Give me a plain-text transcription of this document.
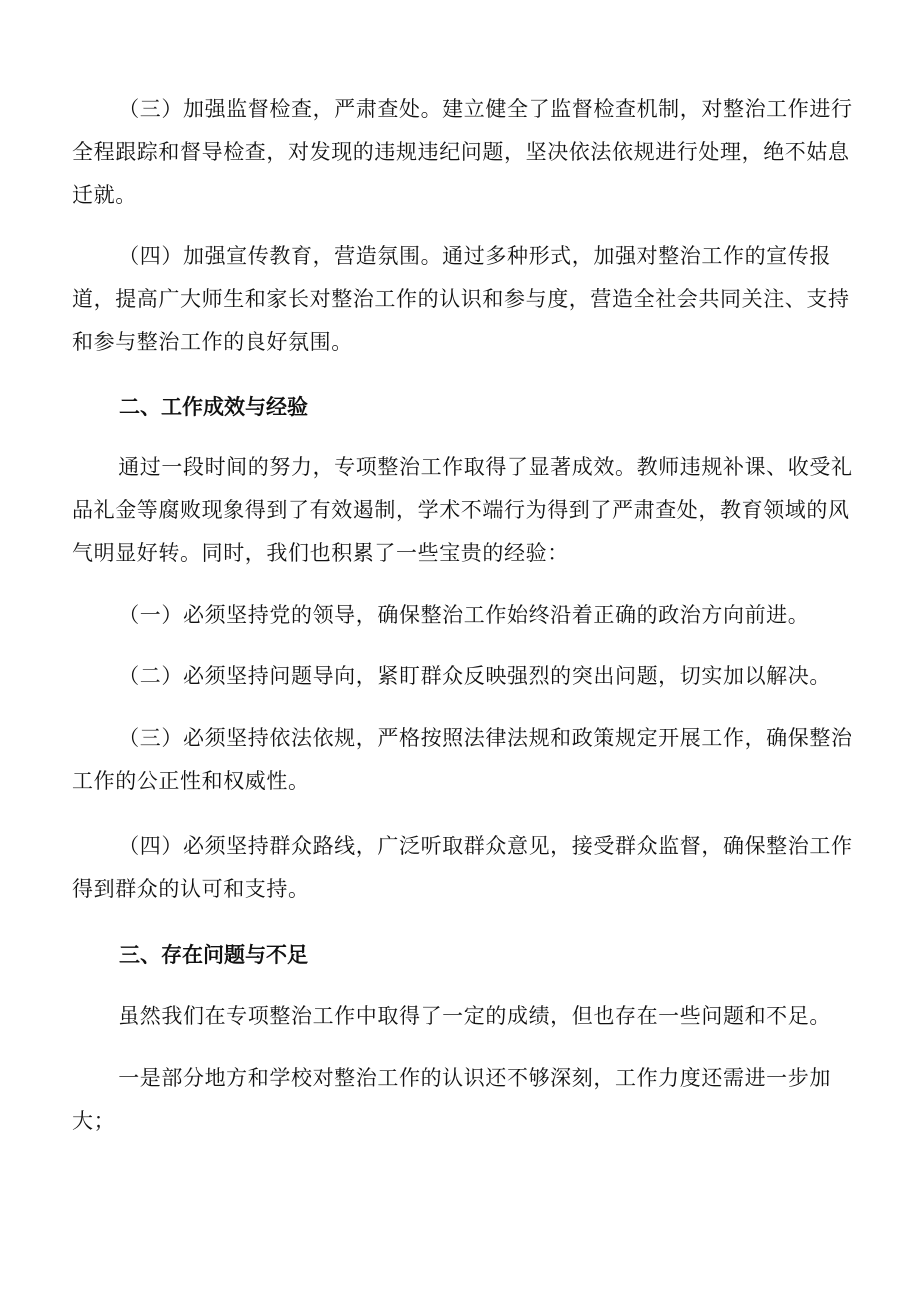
（三）加强监督检查，严肃查处。建立健全了监督检查机制，对整治工作进行全程跟踪和督导检查，对发现的违规违纪问题，坚决依法依规进行处理，绝不姑息迁就。

（四）加强宣传教育，营造氛围。通过多种形式，加强对整治工作的宣传报道，提高广大师生和家长对整治工作的认识和参与度，营造全社会共同关注、支持和参与整治工作的良好氛围。

二、工作成效与经验

通过一段时间的努力，专项整治工作取得了显著成效。教师违规补课、收受礼品礼金等腐败现象得到了有效遏制，学术不端行为得到了严肃查处，教育领域的风气明显好转。同时，我们也积累了一些宝贵的经验：

（一）必须坚持党的领导，确保整治工作始终沿着正确的政治方向前进。

（二）必须坚持问题导向，紧盯群众反映强烈的突出问题，切实加以解决。

（三）必须坚持依法依规，严格按照法律法规和政策规定开展工作，确保整治工作的公正性和权威性。

（四）必须坚持群众路线，广泛听取群众意见，接受群众监督，确保整治工作得到群众的认可和支持。

三、存在问题与不足

虽然我们在专项整治工作中取得了一定的成绩，但也存在一些问题和不足。

一是部分地方和学校对整治工作的认识还不够深刻，工作力度还需进一步加大；
